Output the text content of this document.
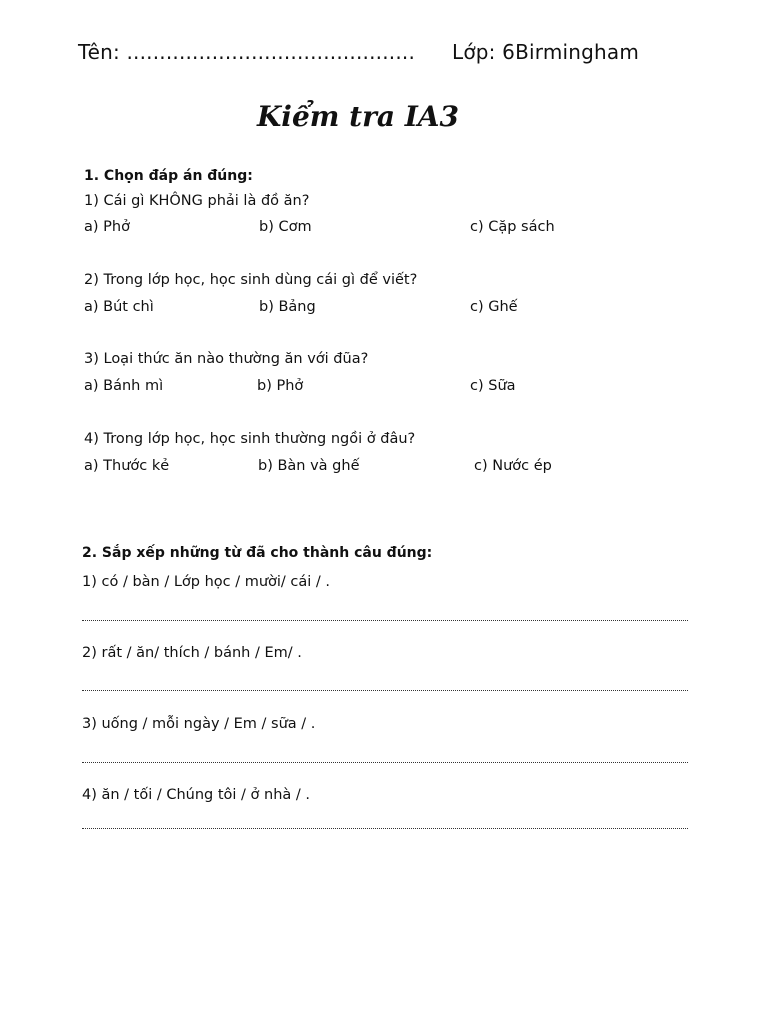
Tên: ............................................ Lớp: 6Birmingham
Kiểm tra IA3
1. Chọn đáp án đúng:
1) Cái gì KHÔNG phải là đồ ăn?
a) Phở	b) Cơm	c) Cặp sách
2) Trong lớp học, học sinh dùng cái gì để viết?
a) Bút chì	b) Bảng	c) Ghế
3) Loại thức ăn nào thường ăn với đũa?
a) Bánh mì	b) Phở	c) Sữa
4) Trong lớp học, học sinh thường ngồi ở đâu?
a) Thước kẻ	b) Bàn và ghế	c) Nước ép
2. Sắp xếp những từ đã cho thành câu đúng:
1) có / bàn / Lớp học / mười/ cái / .
2) rất / ăn/ thích / bánh / Em/ .
3) uống / mỗi ngày / Em / sữa / .
4) ăn / tối / Chúng tôi / ở nhà / .
